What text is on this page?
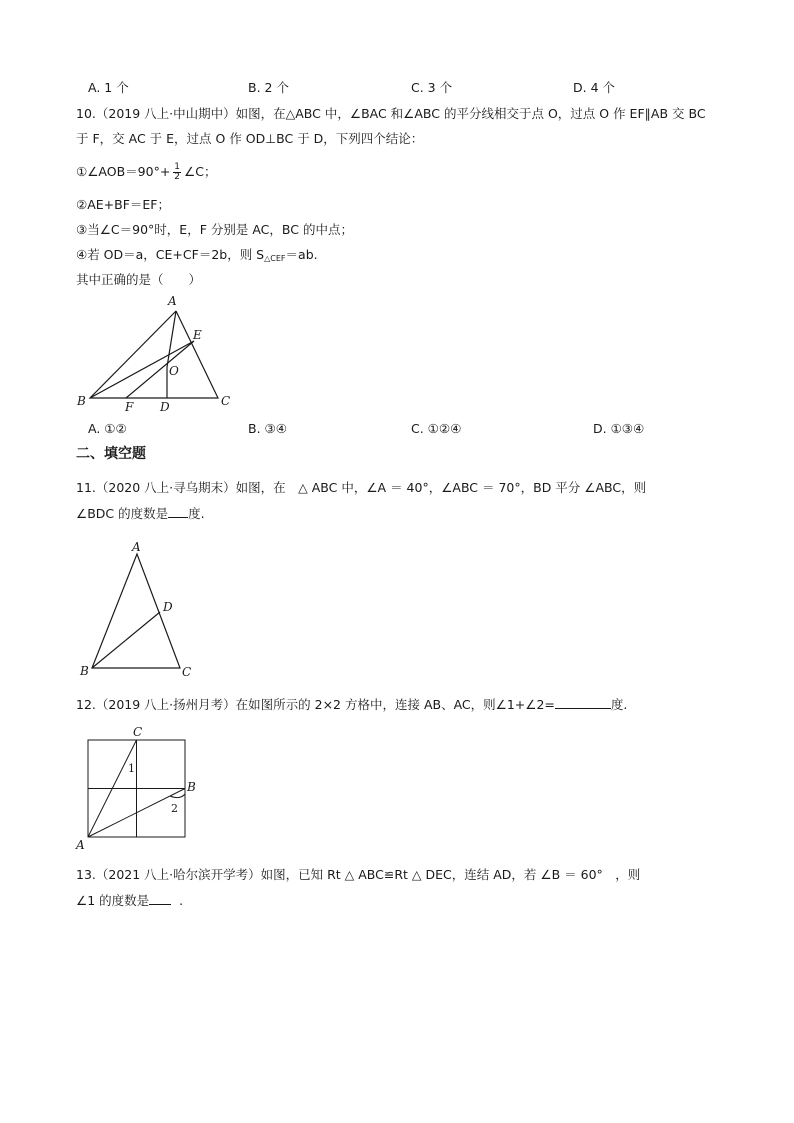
A. 1 个	B. 2 个	C. 3 个	D. 4 个
10.（2019 八上·中山期中）如图，在△ABC 中，∠BAC 和∠ABC 的平分线相交于点 O，过点 O 作 EF∥AB 交 BC
于 F，交 AC 于 E，过点 O 作 OD⊥BC 于 D，下列四个结论：
①∠AOB＝90°+ $\frac{1}{2}$ ∠C；
②AE+BF＝EF；
③当∠C＝90°时，E，F 分别是 AC，BC 的中点；
④若 OD＝a，CE+CF＝2b，则 $S_{\triangle CEF}=ab$.
其中正确的是（　　）
A
B	C
D
E
F
O
A. ①②	B. ③④	C. ①②④	D. ①③④
二、填空题
11.（2020 八上·寻乌期末）如图，在　△ ABC 中，∠A ＝ 40°，∠ABC ＝ 70°，BD 平分 ∠ABC，则
∠BDC 的度数是 度.
A
B	C
D
12.（2019 八上·扬州月考）在如图所示的 2×2 方格中，连接 AB、AC，则∠1+∠2=	度.
C
B
A
1
2
13.（2021 八上·哈尔滨开学考）如图，已知 Rt △ ABC≌Rt △ DEC，连结 AD，若 ∠B ＝ 60°　，则
∠1 的度数是 .
